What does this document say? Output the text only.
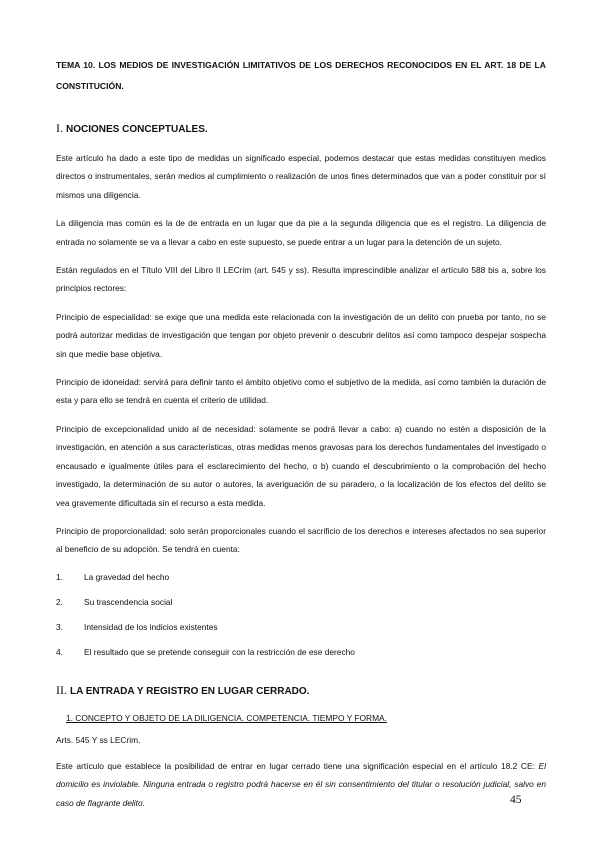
TEMA 10. LOS MEDIOS DE INVESTIGACIÓN LIMITATIVOS DE LOS DERECHOS RECONOCIDOS EN EL ART. 18 DE LA CONSTITUCIÓN.

I. NOCIONES CONCEPTUALES.

Este artículo ha dado a este tipo de medidas un significado especial, podemos destacar que estas medidas constituyen medios directos o instrumentales, serán medios al cumplimiento o realización de unos fines determinados que van a poder constituir por sí mismos una diligencia.

La diligencia mas común es la de de entrada en un lugar que da pie a la segunda diligencia que es el registro. La diligencia de entrada no solamente se va a llevar a cabo en este supuesto, se puede entrar a un lugar para la detención de un sujeto.

Están regulados en el Título VIII del Libro II LECrim (art. 545 y ss). Resulta imprescindible analizar el artículo 588 bis a, sobre los principios rectores:

Principio de especialidad: se exige que una medida este relacionada con la investigación de un delito con prueba por tanto, no se podrá autorizar medidas de investigación que tengan por objeto prevenir o descubrir delitos así como tampoco despejar sospecha sin que medie base objetiva.

Principio de idoneidad: servirá para definir tanto el ámbito objetivo como el subjetivo de la medida, así como también la duración de esta y para ello se tendrá en cuenta el criterio de utilidad.

Principio de excepcionalidad unido al de necesidad: solamente se podrá llevar a cabo: a) cuando no estén a disposición de la investigación, en atención a sus características, otras medidas menos gravosas para los derechos fundamentales del investigado o encausado e igualmente útiles para el esclarecimiento del hecho, o b) cuando el descubrimiento o la comprobación del hecho investigado, la determinación de su autor o autores, la averiguación de su paradero, o la localización de los efectos del delito se vea gravemente dificultada sin el recurso a esta medida.

Principio de proporcionalidad: solo serán proporcionales cuando el sacrificio de los derechos e intereses afectados no sea superior al beneficio de su adopción. Se tendrá en cuenta:

1.	La gravedad del hecho
2.	Su trascendencia social
3.	Intensidad de los indicios existentes
4.	El resultado que se pretende conseguir con la restricción de ese derecho

II. LA ENTRADA Y REGISTRO EN LUGAR CERRADO.

1. CONCEPTO Y OBJETO DE LA DILIGENCIA. COMPETENCIA. TIEMPO Y FORMA.

Arts. 545 Y ss LECrim.

Este artículo que establece la posibilidad de entrar en lugar cerrado tiene una significación especial en el artículo 18.2 CE: El domicilio es inviolable. Ninguna entrada o registro podrá hacerse en él sin consentimiento del titular o resolución judicial, salvo en caso de flagrante delito.	45
